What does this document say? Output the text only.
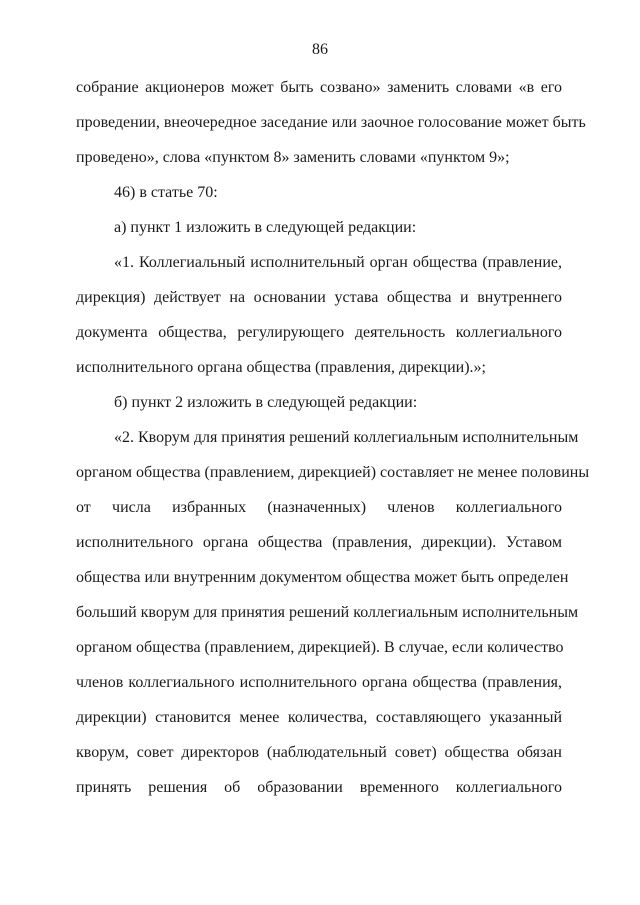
86
собрание акционеров может быть созвано» заменить словами «в его
проведении, внеочередное заседание или заочное голосование может быть
проведено», слова «пунктом 8» заменить словами «пунктом 9»;
46) в статье 70:
а) пункт 1 изложить в следующей редакции:
«1. Коллегиальный исполнительный орган общества (правление,
дирекция) действует на основании устава общества и внутреннего
документа общества, регулирующего деятельность коллегиального
исполнительного органа общества (правления, дирекции).»;
б) пункт 2 изложить в следующей редакции:
«2. Кворум для принятия решений коллегиальным исполнительным
органом общества (правлением, дирекцией) составляет не менее половины
от числа избранных (назначенных) членов коллегиального
исполнительного органа общества (правления, дирекции). Уставом
общества или внутренним документом общества может быть определен
больший кворум для принятия решений коллегиальным исполнительным
органом общества (правлением, дирекцией). В случае, если количество
членов коллегиального исполнительного органа общества (правления,
дирекции) становится менее количества, составляющего указанный
кворум, совет директоров (наблюдательный совет) общества обязан
принять решения об образовании временного коллегиального
